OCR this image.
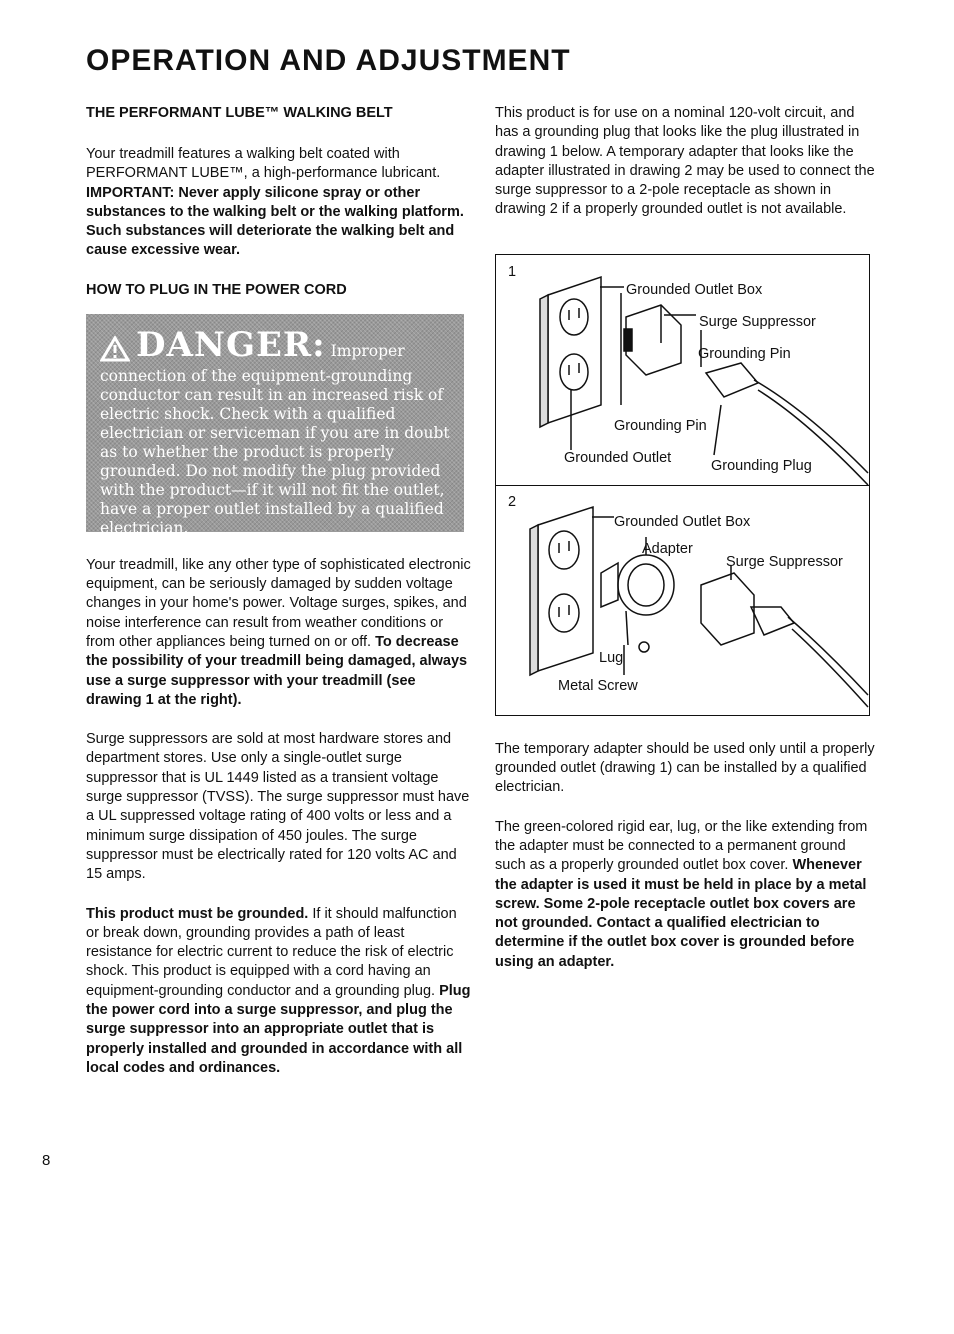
OPERATION AND ADJUSTMENT
THE PERFORMANT LUBE™ WALKING BELT

Your treadmill features a walking belt coated with PERFORMANT LUBE™, a high-performance lubricant.

IMPORTANT: Never apply silicone spray or other substances to the walking belt or the walking platform. Such substances will deteriorate the walking belt and cause excessive wear.

HOW TO PLUG IN THE POWER CORD
DANGER: Improper connection of the equipment-grounding conductor can result in an increased risk of electric shock. Check with a qualified electrician or serviceman if you are in doubt as to whether the product is properly grounded. Do not modify the plug provided with the product—if it will not fit the outlet, have a proper outlet installed by a qualified electrician.

Your treadmill, like any other type of sophisticated electronic equipment, can be seriously damaged by sudden voltage changes in your home's power. Voltage surges, spikes, and noise interference can result from weather conditions or from other appliances being turned on or off. To decrease the possibility of your treadmill being damaged, always use a surge suppressor with your treadmill (see drawing 1 at the right).

Surge suppressors are sold at most hardware stores and department stores. Use only a single-outlet surge suppressor that is UL 1449 listed as a transient voltage surge suppressor (TVSS). The surge suppressor must have a UL suppressed voltage rating of 400 volts or less and a minimum surge dissipation of 450 joules. The surge suppressor must be electrically rated for 120 volts AC and 15 amps.

This product must be grounded. If it should malfunction or break down, grounding provides a path of least resistance for electric current to reduce the risk of electric shock. This product is equipped with a cord having an equipment-grounding conductor and a grounding plug. Plug the power cord into a surge suppressor, and plug the surge suppressor into an appropriate outlet that is properly installed and grounded in accordance with all local codes and ordinances.

This product is for use on a nominal 120-volt circuit, and has a grounding plug that looks like the plug illustrated in drawing 1 below. A temporary adapter that looks like the adapter illustrated in drawing 2 may be used to connect the surge suppressor to a 2-pole receptacle as shown in drawing 2 if a properly grounded outlet is not available.

1
Grounded Outlet Box
Surge Suppressor
Grounding Pin
Grounding Pin
Grounded Outlet	Grounding Plug
2
Grounded Outlet Box
Adapter
Surge Suppressor
Lug
Metal Screw

The temporary adapter should be used only until a properly grounded outlet (drawing 1) can be installed by a qualified electrician.

The green-colored rigid ear, lug, or the like extending from the adapter must be connected to a permanent ground such as a properly grounded outlet box cover. Whenever the adapter is used it must be held in place by a metal screw. Some 2-pole receptacle outlet box covers are not grounded. Contact a qualified electrician to determine if the outlet box cover is grounded before using an adapter.

8
